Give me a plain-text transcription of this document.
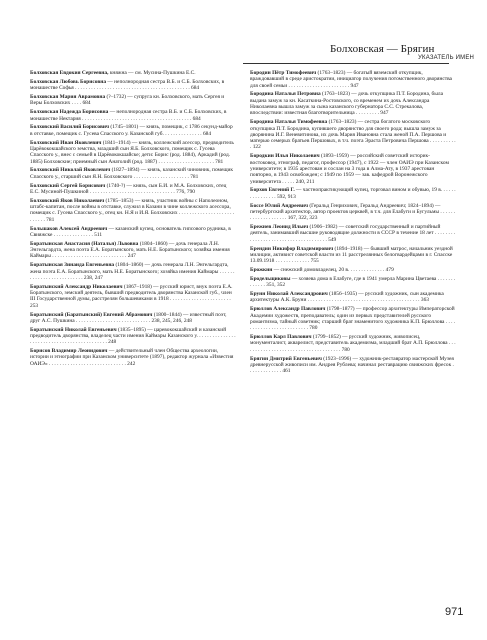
Болховская — Брягин
УКАЗАТЕЛЬ ИМЕН
Болховская Евдокия Сергеевна, княжна — см. Мусина-Пушкина Е.С.
Болховская Любовь Борисовна — неполнородная сестра В.Б. и С.Б. Болховских, в монашестве Софья . . . . . . . . . . . . . . . . . . . . . . . . . . . . . . . . . . . . . . . . . . . 684
Болховская Мария Аврамовна (?–1732) — супруга кн. Болховского, мать Сергея и Веры Болховских . . . . 684
Болховская Надежда Борисовна — неполнородная сестра В.Б. и С.Б. Болховских, в монашестве Нектария . . . . . . . . . . . . . . . . . . . . . . . . . . . . . . . . . . . . . . . . . 684
Болховский Василий Борисович (1745–1801) — князь, помещик, с 1786 секунд-майор в отставке, помещик с. Гусева Спасского у. Казанской губ. . . . . . . . . . . . . . . 684
Болховский Иван Яковлевич (1841–1914) — князь, коллежский асессор, предводитель Царёвококшайского земства, младший сын Я.Б. Болховского, помещик с. Гусева Спасского у., внес с семьей в Царёвококшайске; дети: Борис (род. 1884), Аркадий (род. 1885) Болховские; приемный сын Анатолий (род. 1887) . . . . . . . . . . . . . . . . . . . . . 781
Болховский Николай Яковлевич (1827–1894) — князь, казанский чиновник, помещик Спасского у., старший сын Я.Н. Болховского . . . . . . . . . . . . . . . . . . . . . 781
Болховский Сергей Борисович (1740-?) — князь, сын Б.И. и М.А. Болховских, отец Е.С. Мусиной-Пушкиной . . . . . . . . . . . . . . . . . . . . . . . . . . . . . . . . 776, 790
Болховский Яков Николаевич (1785–1853) — князь, участник войны с Наполеоном, штабс-капитан, после войны в отставке, служил в Казани в чине коллежского асессора, помещик с. Гусева Спасского у., отец кн. Н.Я и И.Я. Болховских . . . . . . . . . . . . . . . . . . . . . . . . . . . 781
Большаков Алексей Андреевич — казанский купец, основатель гипсового рудника, в Свияжске . . . . . . . . . . . . . . . 511
Боратынская Анастасия (Наталья) Львовна (1804–1860) — дочь генерала Л.Н. Энгельгардта, жена поэта Е.А. Боратынского, мать Н.Е. Боратынского; хозяйка имения Каймары . . . . . . . . . . . . . . . . . . . . . . . . . . . . 247
Боратынская Зинаида Евгеньевна (1804–1860) — дочь генерала Л.Н. Энгельгардта, жена поэта Е.А. Боратынского, мать Н.Е. Боратынского; хозяйка имения Каймары . . . . . . . . . . . . . . . . . . . . . . . . . . 238, 247
Боратынский Александр Николаевич (1867–1918) — русский юрист, внук поэта Е.А. Боратынского, земский деятель, бывший предводитель дворянства Казанской губ., член III Государственной думы, расстрелян большевиками в 1918 . . . . . . . . . . . . . . . . . . . . . . . 253
Боратынский (Баратынский) Евгений Абрамович (1800–1844) — известный поэт, друг А.С. Пушкина . . . . . . . . . . . . . . . . . . . . . . . . . . . . 238, 245, 246, 248
Боратынский Николай Евгеньевич (1835–1895) — царевококшайский и казанский предводитель дворянства, владелец части имения Каймары Казанского у. . . . . . . . . . . . . . . . . . . . . . . . . . . . . . . . . . . . . . . . . . . . 248
Борисов Владимир Леонидович — действительный член Общества археологии, истории и этнографии при Казанском университете (1897), редактор журнала «Известия ОАИЭ» . . . . . . . . . . . . . . . . . . . . . . . . . . . . . 242
Бородин Пётр Тимофеевич (1763–1823) — богатый вяземский откупщик, враждовавший в среде аристократии, инициатор получения потомственного дворянства для своей семьи . . . . . . . . . . . . . . . . . . . . . . . 947
Бородина Наталья Петровна (1763–1823) — дочь откупщика П.Т. Бородина, была выдана замуж за кн. Касаткина-Ростовского, со временем их дочь Александра Николаевна вышла замуж за сына казанского губернатора С.С. Стрекалова, впоследствии: известная благотворительница . . . . . . . . . 947
Бородина Наталья Тимофеевна (1763–1823) — сестра богатого московского откупщика П.Т. Бородина, купившего дворянство для своего рода; вышла замуж за дворянина И.Г. Веневитинова, их дочь Мария Ивановна стала женой П.А. Першова и матерью семерых братьев Першовых, в т.ч. поэта Эраста Петровича Першова . . . . . . . . . . . 122
Бородкин Илья Николаевич (1893–1959) — российский советский историк-востоковед, этнограф, педагог, профессор (1947), с 1922 — член ОАИЭ при Казанском университете; в 1935 арестован и сослан на 3 года в Алма-Ату, в 1937 арестован повторно, в 1943 освобожден; с 1949 по 1959 — зав. кафедрой Воронежского университета . . . . . 240, 211
Борхов Евгений Г. — частнопрактикующий купец, торговал вином и обувью, 19 в. . . . . . . . . . . . . . . . 592, 913
Боссе Юлий Андреевич (Геральд Генрихович, Геральд Андреевич; 1824–1894) — петербургский архитектор, автор проектов церквей, в т.ч. для Елабуги и Бугульмы . . . . . . . . . . . . . . . . . . . . 167, 322, 323
Брежнев Леонид Ильич (1906–1982) — советский государственный и партийный деятель, занимавший высшие руководящие должности в СССР в течение 18 лет . . . . . . . . . . . . . . . . . . . . . . . . . . . . . . . . . . . . . 549
Брендин Никифор Владимирович (1894–1918) — бывший матрос, начальник уездной милиции, активист советской власти из 11 расстрелянных белогвардейцами в г. Спасске 13.09.1918 . . . . . . . . . . . . . 755
Брожкин — снежский домовладелец, 20 в. . . . . . . . . . . . . . 479
Бродельщиковы — хозяева дома в Елабуге, где в 1941 умерла Марина Цветаева . . . . . . . . . . . . . 351, 352
Брунн Николай Александрович (1856–1935) — русский художник, сын академика архитектуры А.К. Бруни . . . . . . . . . . . . . . . . . . . . . . . . . . . . . . . . . . . . . . . . . . 363
Брюллов Александр Павлович (1798–1877) — профессор архитектуры Императорской Академии художеств, преподаватель; один из первых представителей русского романтизма, тайный советник; старший брат знаменитого художника К.П. Брюллова . . . . . . . . . . . . . . . . . . . . . . . . . . 780
Брюллов Карл Павлович (1799–1852) — русский художник, живописец, монументалист, акварелист, представитель академизма, младший брат А.П. Брюллова . . . . . . . . . . . . . . . . . . . . . . . . . . . . . . . . . . . . . 780
Брягин Дмитрий Евгеньевич (1923–1996) — художник-реставратор мастерской Музея древнерусской живописи им. Андрея Рублева; начинал реставрацию свияжских фресок . . . . . . . . . . . . . 461
971
